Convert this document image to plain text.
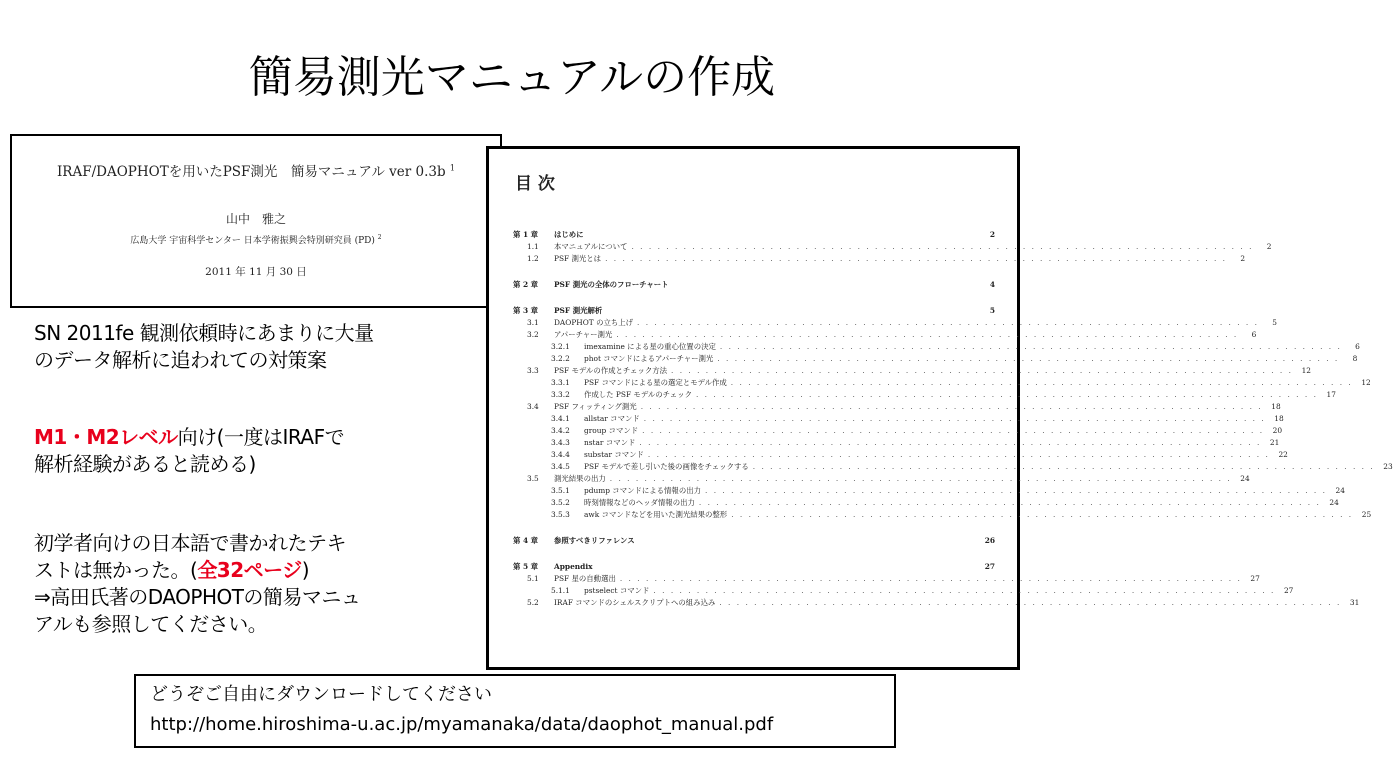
簡易測光マニュアルの作成
IRAF/DAOPHOTを用いたPSF測光　簡易マニュアル ver 0.3b $^1$
山中　雅之
広島大学 宇宙科学センター 日本学術振興会特別研究員 (PD) $^2$
2011 年 11 月 30 日
目 次
第 1 章	はじめに	2
1.1	本マニュアルについて . . . . . . . . . . . . . . . . . . . . . . . . . . . . . . . . . . . . . . . . . . . . . . . . . . . . . . . . . . . . . . . . . . . . . . . .	2
1.2	PSF 測光とは . . . . . . . . . . . . . . . . . . . . . . . . . . . . . . . . . . . . . . . . . . . . . . . . . . . . . . . . . . . . . . . . . . . . . . . .	2
第 2 章	PSF 測光の全体のフローチャート	4
第 3 章	PSF 測光解析	5
3.1	DAOPHOT の立ち上げ . . . . . . . . . . . . . . . . . . . . . . . . . . . . . . . . . . . . . . . . . . . . . . . . . . . . . . . . . . . . . . . . . . . . . . . .	5
3.2	アパーチャー測光 . . . . . . . . . . . . . . . . . . . . . . . . . . . . . . . . . . . . . . . . . . . . . . . . . . . . . . . . . . . . . . . . . . . . . . . .	6
3.2.1	imexamine による星の重心位置の決定 . . . . . . . . . . . . . . . . . . . . . . . . . . . . . . . . . . . . . . . . . . . . . . . . . . . . . . . . . . . . . . . . . . . . . . . .	6
3.2.2	phot コマンドによるアパーチャー測光 . . . . . . . . . . . . . . . . . . . . . . . . . . . . . . . . . . . . . . . . . . . . . . . . . . . . . . . . . . . . . . . . . . . . . . . .	8
3.3	PSF モデルの作成とチェック方法 . . . . . . . . . . . . . . . . . . . . . . . . . . . . . . . . . . . . . . . . . . . . . . . . . . . . . . . . . . . . . . . . . . . . . . . .	12
3.3.1	PSF コマンドによる星の選定とモデル作成 . . . . . . . . . . . . . . . . . . . . . . . . . . . . . . . . . . . . . . . . . . . . . . . . . . . . . . . . . . . . . . . . . . . . . . . .	12
3.3.2	作成した PSF モデルのチェック . . . . . . . . . . . . . . . . . . . . . . . . . . . . . . . . . . . . . . . . . . . . . . . . . . . . . . . . . . . . . . . . . . . . . . . .	17
3.4	PSF フィッティング測光 . . . . . . . . . . . . . . . . . . . . . . . . . . . . . . . . . . . . . . . . . . . . . . . . . . . . . . . . . . . . . . . . . . . . . . . .	18
3.4.1	allstar コマンド . . . . . . . . . . . . . . . . . . . . . . . . . . . . . . . . . . . . . . . . . . . . . . . . . . . . . . . . . . . . . . . . . . . . . . . .	18
3.4.2	group コマンド . . . . . . . . . . . . . . . . . . . . . . . . . . . . . . . . . . . . . . . . . . . . . . . . . . . . . . . . . . . . . . . . . . . . . . . .	20
3.4.3	nstar コマンド . . . . . . . . . . . . . . . . . . . . . . . . . . . . . . . . . . . . . . . . . . . . . . . . . . . . . . . . . . . . . . . . . . . . . . . .	21
3.4.4	substar コマンド . . . . . . . . . . . . . . . . . . . . . . . . . . . . . . . . . . . . . . . . . . . . . . . . . . . . . . . . . . . . . . . . . . . . . . . .	22
3.4.5	PSF モデルで差し引いた後の画像をチェックする . . . . . . . . . . . . . . . . . . . . . . . . . . . . . . . . . . . . . . . . . . . . . . . . . . . . . . . . . . . . . . . . . . . . . . . .	23
3.5	測光結果の出力 . . . . . . . . . . . . . . . . . . . . . . . . . . . . . . . . . . . . . . . . . . . . . . . . . . . . . . . . . . . . . . . . . . . . . . . .	24
3.5.1	pdump コマンドによる情報の出力 . . . . . . . . . . . . . . . . . . . . . . . . . . . . . . . . . . . . . . . . . . . . . . . . . . . . . . . . . . . . . . . . . . . . . . . .	24
3.5.2	時刻情報などのヘッダ情報の出力 . . . . . . . . . . . . . . . . . . . . . . . . . . . . . . . . . . . . . . . . . . . . . . . . . . . . . . . . . . . . . . . . . . . . . . . .	24
3.5.3	awk コマンドなどを用いた測光結果の整形 . . . . . . . . . . . . . . . . . . . . . . . . . . . . . . . . . . . . . . . . . . . . . . . . . . . . . . . . . . . . . . . . . . . . . . . .	25
第 4 章	参照すべきリファレンス	26
第 5 章	Appendix	27
5.1	PSF 星の自動選出 . . . . . . . . . . . . . . . . . . . . . . . . . . . . . . . . . . . . . . . . . . . . . . . . . . . . . . . . . . . . . . . . . . . . . . . .	27
5.1.1	pstselect コマンド . . . . . . . . . . . . . . . . . . . . . . . . . . . . . . . . . . . . . . . . . . . . . . . . . . . . . . . . . . . . . . . . . . . . . . . .	27
5.2	IRAF コマンドのシェルスクリプトへの組み込み . . . . . . . . . . . . . . . . . . . . . . . . . . . . . . . . . . . . . . . . . . . . . . . . . . . . . . . . . . . . . . . . . . . . . . . .	31
SN 2011fe 観測依頼時にあまりに大量
のデータ解析に追われての対策案
M1・M2レベル向け(一度はIRAFで
解析経験があると読める)
初学者向けの日本語で書かれたテキ
ストは無かった。(全32ページ)
⇒高田氏著のDAOPHOTの簡易マニュ
アルも参照してください。
どうぞご自由にダウンロードしてください
http://home.hiroshima-u.ac.jp/myamanaka/data/daophot_manual.pdf
